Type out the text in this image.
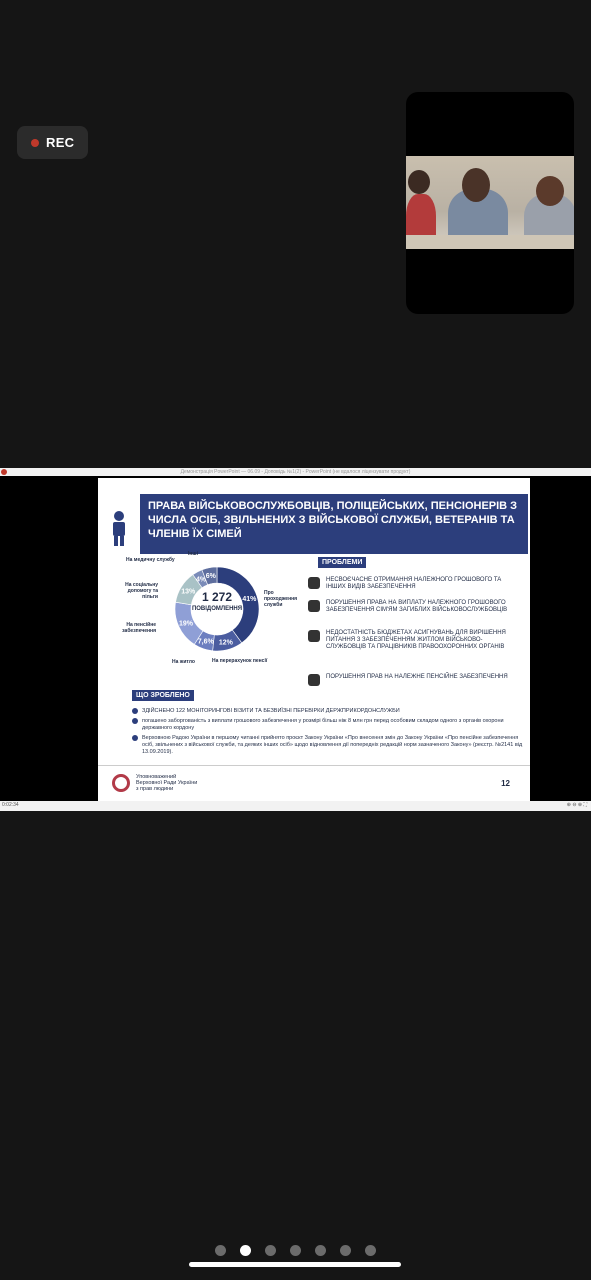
REC
Демонстрація PowerPoint — 06.09 - Доповідь №1(2) - PowerPoint (не вдалося ліцензувати продукт)
ПРАВА ВІЙСЬКОВОСЛУЖБОВЦІВ, ПОЛІЦЕЙСЬКИХ, ПЕНСІОНЕРІВ З ЧИСЛА ОСІБ, ЗВІЛЬНЕНИХ З ВІЙСЬКОВОЇ СЛУЖБИ, ВЕТЕРАНІВ ТА ЧЛЕНІВ ЇХ СІМЕЙ
41%
12%
7,6%
19%
13%
4% 6%
1 272
ПОВІДОМЛЕННЯ
Про проходження служби
На перерахунок пенсії
На житло
На пенсійне забезпечення
На соціальну допомогу та пільги
На медичну службу
Інші
ПРОБЛЕМИ
НЕСВОЄЧАСНЕ ОТРИМАННЯ НАЛЕЖНОГО ГРОШОВОГО ТА ІНШИХ ВИДІВ ЗАБЕЗПЕЧЕННЯ
ПОРУШЕННЯ ПРАВА НА ВИПЛАТУ НАЛЕЖНОГО ГРОШОВОГО ЗАБЕЗПЕЧЕННЯ СІМ'ЯМ ЗАГИБЛИХ ВІЙСЬКОВОСЛУЖБОВЦІВ
НЕДОСТАТНІСТЬ БЮДЖЕТАХ АСИГНУВАНЬ ДЛЯ ВИРІШЕННЯ ПИТАННЯ З ЗАБЕЗПЕЧЕННЯМ ЖИТЛОМ ВІЙСЬКОВО- СЛУЖБОВЦІВ ТА ПРАЦІВНИКІВ ПРАВООХОРОННИХ ОРГАНІВ
ПОРУШЕННЯ ПРАВ НА НАЛЕЖНЕ ПЕНСІЙНЕ ЗАБЕЗПЕЧЕННЯ
ЩО ЗРОБЛЕНО
ЗДІЙСНЕНО 122 МОНІТОРИНГОВІ ВІЗИТИ ТА БЕЗВИЇЗНІ ПЕРЕВІРКИ ДЕРЖПРИКОРДОНСЛУЖБИ
погашено заборгованість з виплати грошового забезпечення у розмірі більш ніж 8 млн грн перед особовим складом одного з органів охорони державного кордону
Верховною Радою України в першому читанні прийнято проєкт Закону України «Про внесення змін до Закону України «Про пенсійне забезпечення осіб, звільнених з військової служби, та деяких інших осіб» щодо відновлення дії попередніх редакцій норм зазначеного Закону» (реєстр. №2141 від 13.09.2019).
Уповноважений
Верховної Ради України
з прав людини
12
0:02:34	⊕ ⊖ ⊕ ⛶
